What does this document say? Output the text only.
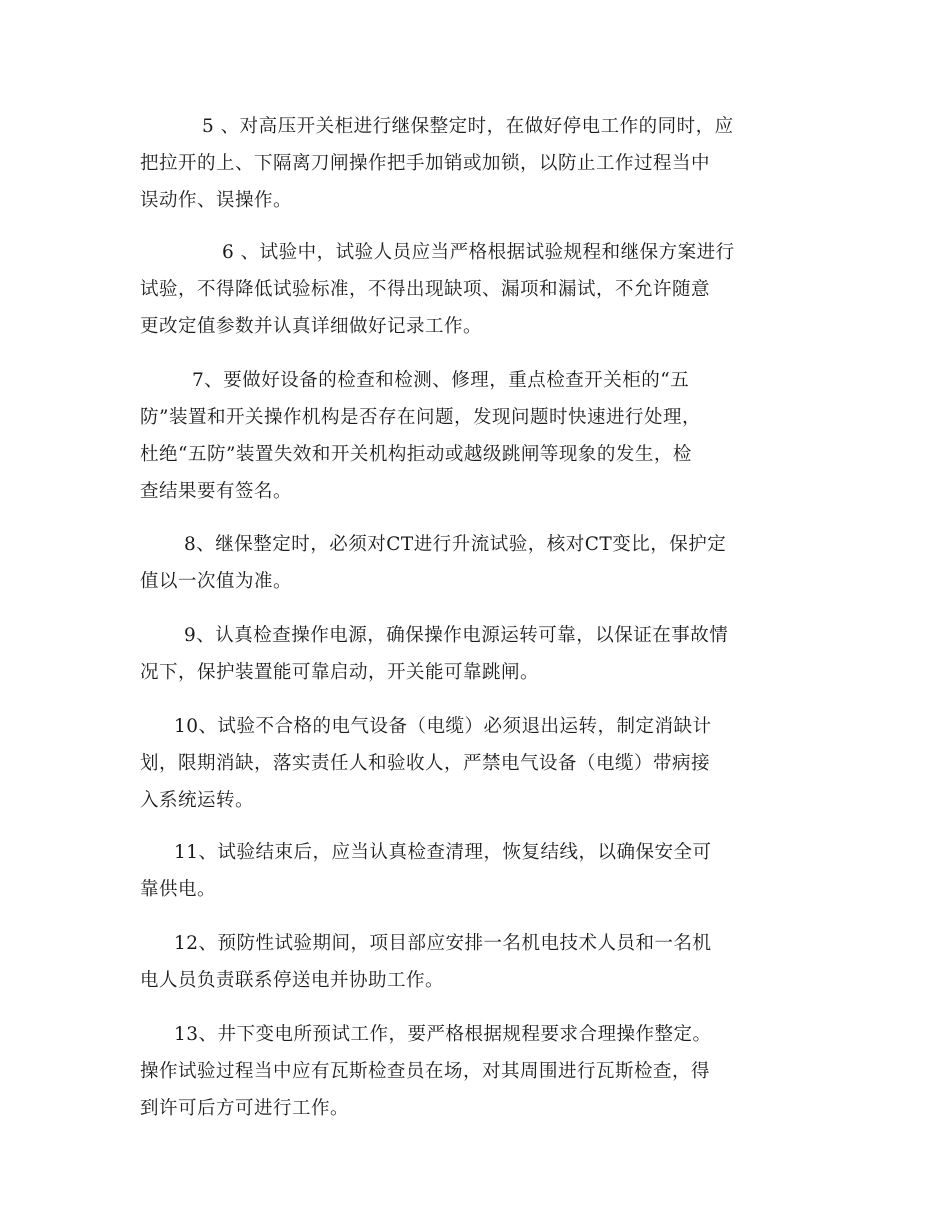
5 、对高压开关柜进行继保整定时，在做好停电工作的同时，应
把拉开的上、下隔离刀闸操作把手加销或加锁，以防止工作过程当中
误动作、误操作。
6 、试验中，试验人员应当严格根据试验规程和继保方案进行
试验，不得降低试验标准，不得出现缺项、漏项和漏试，不允许随意
更改定值参数并认真详细做好记录工作。
7、要做好设备的检查和检测、修理，重点检查开关柜的“五
防”装置和开关操作机构是否存在问题，发现问题时快速进行处理，
杜绝“五防”装置失效和开关机构拒动或越级跳闸等现象的发生，检
查结果要有签名。
8、继保整定时，必须对CT进行升流试验，核对CT变比，保护定
值以一次值为准。
9、认真检查操作电源，确保操作电源运转可靠，以保证在事故情
况下，保护装置能可靠启动，开关能可靠跳闸。
10、试验不合格的电气设备（电缆）必须退出运转，制定消缺计
划，限期消缺，落实责任人和验收人，严禁电气设备（电缆）带病接
入系统运转。
11、试验结束后，应当认真检查清理，恢复结线，以确保安全可
靠供电。
12、预防性试验期间，项目部应安排一名机电技术人员和一名机
电人员负责联系停送电并协助工作。
13、井下变电所预试工作，要严格根据规程要求合理操作整定。
操作试验过程当中应有瓦斯检查员在场，对其周围进行瓦斯检查，得
到许可后方可进行工作。
